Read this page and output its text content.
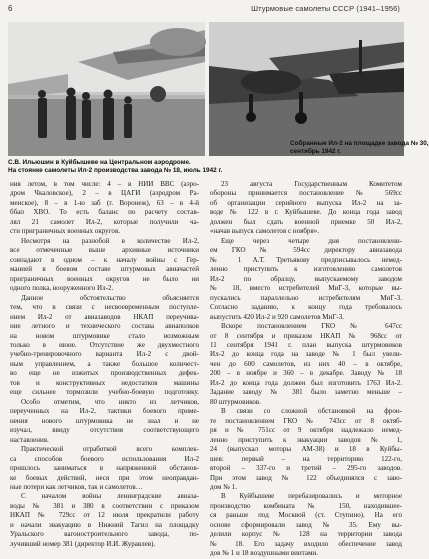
6	Штурмовые самолеты СССР (1941–1956)
С.В. Ильюшин в Куйбышеве на Центральном аэродроме.
На стоянке самолеты Ил-2 производства завода № 18, июль 1942 г.
Собранные Ил-2 на площадке завода № 30,
сентябрь 1942 г.
ния летом, в том числе: 4 – в НИИ ВВС (аэро-
дром Чкаловское), 2 – в ЦАГИ (аэродром Ра-
менское), 8 – в 1-ю заб (г. Воронеж), 63 – в 4-й
ббап ХВО. То есть баланс по расчету состав-
лял 21 самолет Ил-2, которые получили ча-
сти приграничных военных округов.
Несмотря на разнобой в количестве Ил-2,
все отмеченные выше архивные источники
совпадают в одном – к началу войны с Гер-
манией в боевом составе штурмовых авиачастей
приграничных военных округов не было ни
одного полка, вооруженного Ил-2.
Данное обстоятельство объясняется
тем, что в связи с несвоевременным поступле-
нием Ил-2 от авиазаводов НКАП переучива-
ние летного и технического состава авиаполков
на новом штурмовике стало возможным
только в июне. Отсутствие же двухместного
учебно-тренировочного варианта Ил-2 с двой-
ным управлением, а также большое количест-
во еще не изжитых производственных дефек-
тов и конструктивных недостатков машины
еще сильнее тормозили учебно-боевую подготовку.
Особо отметим, что никто из летчиков,
переученных на Ил-2, тактики боевого приме-
нения нового штурмовика не знал и не
изучал, ввиду отсутствия соответствующего
наставления.
Практической отработкой всего комплек-
са способов боевого использования Ил-2
пришлось заниматься в напряженной обстанов-
ке боевых действий, неся при этом неоправдан-
ные потери как летчиков, так и самолетов…
С началом войны ленинградские авиаза-
воды № 381 и 380 в соответствии с приказом
НКАП № 729сс от 12 июля прекратили работу
и начали эвакуацию в Нижний Тагил на площадку
Уральского вагоностроительного завода, по-
лучивший номер 381 (директор И.И. Журавлев).
23 августа Государственным Комитетом
обороны принимается постановление № 569сс
об организации серийного выпуска Ил-2 на за-
воде № 122 в г. Куйбышеве. До конца года завод
должен был сдать военной приемке 50 Ил-2,
«начав выпуск самолетов с ноября».
Еще через четыре дня постановлени-
ем ГКО № 594сс директору авиазавода
№ 1 А.Т. Третьякову предписывалось немед-
ленно приступить к изготовлению самолетов
Ил-2 по образцу, выпускаемому заводом
№ 18, вместо истребителей МиГ-3, которые вы-
пускались параллельно истребителям МиГ-3.
Согласно заданию, к концу года требовалось
выпустить 420 Ил-2 и 920 самолетов МиГ-3.
Вскоре постановлением ГКО № 647сс
от 8 сентября и приказом НКАП № 968сс от
11 сентября 1941 г. план выпуска штурмовиков
Ил-2 до конца года на заводе № 1 был увели-
чен до 600 самолетов, из них 40 – в октябре,
200 – в ноябре и 360 – в декабре. Заводу № 18
Ил-2 до конца года должен был изготовить 1763 Ил-2.
Задание заводу № 381 было заметно меньше –
80 штурмовиков.
В связи со сложной обстановкой на фрон-
те постановлением ГКО № 743сс от 8 октяб-
ря и № 751сс от 9 октября надлежало немед-
ленно приступить к эвакуации заводов № 1,
24 (выпускал моторы АМ-38) и 18 в Куйбы-
шев: первый – на территорию 122-го,
второй – 337-го и третий – 295-го заводов.
При этом завод № 122 объединялся с заво-
дом № 1.
В Куйбышеве перебазировались и моторное
производство комбината № 150, находившее-
ся раньше под Москвой (ст. Ступино). На его
основе сформировали завод № 35. Ему вы-
делили корпус № 128 на территории завода
№ 18. Его задачу входило обеспечение завод
дов № 1 и 18 воздушными винтами.
